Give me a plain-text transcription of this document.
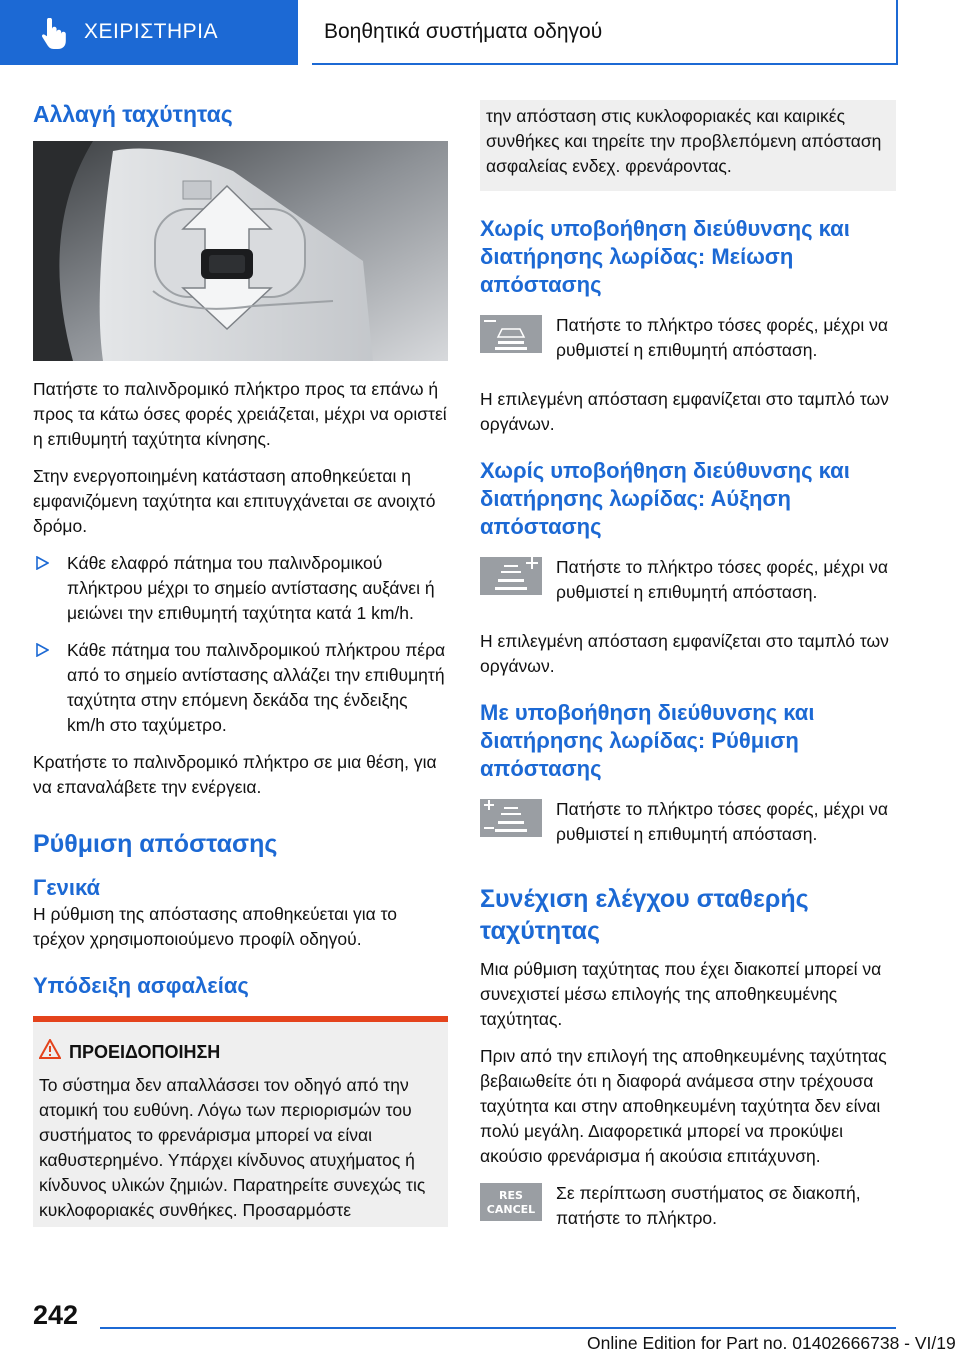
ΧΕΙΡΙΣΤΗΡΙΑ	Βοηθητικά συστήματα οδηγού
Αλλαγή ταχύτητας

Πατήστε το παλινδρομικό πλήκτρο προς τα επάνω ή προς τα κάτω όσες φορές χρειάζεται, μέχρι να οριστεί η επιθυμητή ταχύτητα κίνησης.

Στην ενεργοποιημένη κατάσταση αποθηκεύεται η εμφανιζόμενη ταχύτητα και επιτυγχάνεται σε ανοιχτό δρόμο.

Κάθε ελαφρό πάτημα του παλινδρομικού πλήκτρου μέχρι το σημείο αντίστασης αυξάνει ή μειώνει την επιθυμητή ταχύτητα κατά 1 km/h.
Κάθε πάτημα του παλινδρομικού πλήκτρου πέρα από το σημείο αντίστασης αλλάζει την επιθυμητή ταχύτητα στην επόμενη δεκάδα της ένδειξης km/h στο ταχύμετρο.

Κρατήστε το παλινδρομικό πλήκτρο σε μια θέση, για να επαναλάβετε την ενέργεια.

Ρύθμιση απόστασης
Γενικά

Η ρύθμιση της απόστασης αποθηκεύεται για το τρέχον χρησιμοποιούμενο προφίλ οδηγού.

Υπόδειξη ασφαλείας
ΠΡΟΕΙΔΟΠΟΙΗΣΗ
Το σύστημα δεν απαλλάσσει τον οδηγό από την ατομική του ευθύνη. Λόγω των περιορισμών του συστήματος το φρενάρισμα μπορεί να είναι καθυστερημένο. Υπάρχει κίνδυνος ατυχήματος ή κίνδυνος υλικών ζημιών. Παρατηρείτε συνεχώς τις κυκλοφοριακές συνθήκες. Προσαρμόστε
την απόσταση στις κυκλοφοριακές και καιρικές συνθήκες και τηρείτε την προβλεπόμενη απόσταση ασφαλείας ενδεχ. φρενάροντας.
Χωρίς υποβοήθηση διεύθυνσης και διατήρησης λωρίδας: Μείωση απόστασης
Πατήστε το πλήκτρο τόσες φορές, μέχρι να ρυθμιστεί η επιθυμητή απόσταση.

Η επιλεγμένη απόσταση εμφανίζεται στο ταμπλό των οργάνων.

Χωρίς υποβοήθηση διεύθυνσης και διατήρησης λωρίδας: Αύξηση απόστασης
Πατήστε το πλήκτρο τόσες φορές, μέχρι να ρυθμιστεί η επιθυμητή απόσταση.

Η επιλεγμένη απόσταση εμφανίζεται στο ταμπλό των οργάνων.

Με υποβοήθηση διεύθυνσης και διατήρησης λωρίδας: Ρύθμιση απόστασης
Πατήστε το πλήκτρο τόσες φορές, μέχρι να ρυθμιστεί η επιθυμητή απόσταση.
Συνέχιση ελέγχου σταθερής ταχύτητας

Μια ρύθμιση ταχύτητας που έχει διακοπεί μπορεί να συνεχιστεί μέσω επιλογής της αποθηκευμένης ταχύτητας.

Πριν από την επιλογή της αποθηκευμένης ταχύτητας βεβαιωθείτε ότι η διαφορά ανάμεσα στην τρέχουσα ταχύτητα και στην αποθηκευμένη ταχύτητα δεν είναι πολύ μεγάλη. Διαφορετικά μπορεί να προκύψει ακούσιο φρενάρισμα ή ακούσια επιτάχυνση.

RES
CANCEL
Σε περίπτωση συστήματος σε διακοπή, πατήστε το πλήκτρο.
242
Online Edition for Part no. 01402666738 - VI/19
